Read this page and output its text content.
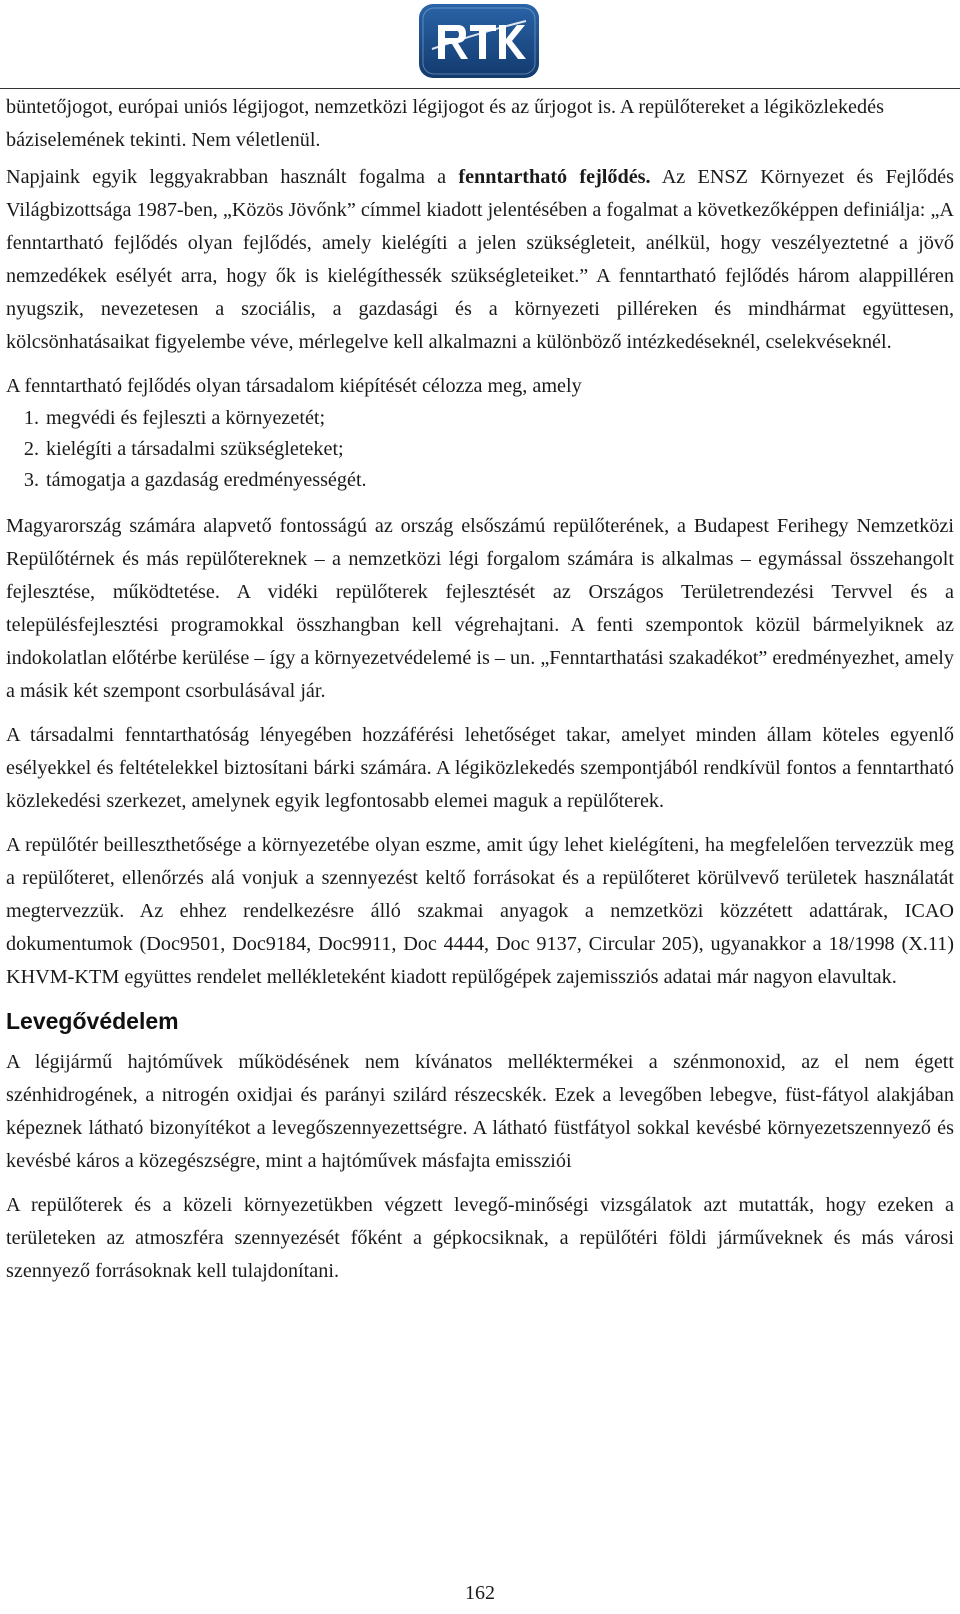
büntetőjogot, európai uniós légijogot, nemzetközi légijogot és az űrjogot is. A repülőtereket a légiközlekedés báziselemének tekinti. Nem véletlenül.

Napjaink egyik leggyakrabban használt fogalma a fenntartható fejlődés. Az ENSZ Környezet és Fejlődés Világbizottsága 1987-ben, „Közös Jövőnk” címmel kiadott jelentésében a fogalmat a következőképpen definiálja: „A fenntartható fejlődés olyan fejlődés, amely kielégíti a jelen szükségleteit, anélkül, hogy veszélyeztetné a jövő nemzedékek esélyét arra, hogy ők is kielégíthessék szükségleteiket.” A fenntartható fejlődés három alappilléren nyugszik, nevezetesen a szociális, a gazdasági és a környezeti pilléreken és mindhármat együttesen, kölcsönhatásaikat figyelembe véve, mérlegelve kell alkalmazni a különböző intézkedéseknél, cselekvéseknél.

A fenntartható fejlődés olyan társadalom kiépítését célozza meg, amely

1. megvédi és fejleszti a környezetét;
2. kielégíti a társadalmi szükségleteket;
3. támogatja a gazdaság eredményességét.

Magyarország számára alapvető fontosságú az ország elsőszámú repülőterének, a Budapest Ferihegy Nemzetközi Repülőtérnek és más repülőtereknek – a nemzetközi légi forgalom számára is alkalmas – egymással összehangolt fejlesztése, működtetése. A vidéki repülőterek fejlesztését az Országos Területrendezési Tervvel és a településfejlesztési programokkal összhangban kell végrehajtani. A fenti szempontok közül bármelyiknek az indokolatlan előtérbe kerülése – így a környezetvédelemé is – un. „Fenntarthatási szakadékot” eredményezhet, amely a másik két szempont csorbulásával jár.

A társadalmi fenntarthatóság lényegében hozzáférési lehetőséget takar, amelyet minden állam köteles egyenlő esélyekkel és feltételekkel biztosítani bárki számára. A légiközlekedés szempontjából rendkívül fontos a fenntartható közlekedési szerkezet, amelynek egyik legfontosabb elemei maguk a repülőterek.

A repülőtér beilleszthetősége a környezetébe olyan eszme, amit úgy lehet kielégíteni, ha megfelelően tervezzük meg a repülőteret, ellenőrzés alá vonjuk a szennyezést keltő forrásokat és a repülőteret körülvevő területek használatát megtervezzük. Az ehhez rendelkezésre álló szakmai anyagok a nemzetközi közzétett adattárak, ICAO dokumentumok (Doc9501, Doc9184, Doc9911, Doc 4444, Doc 9137, Circular 205), ugyanakkor a 18/1998 (X.11) KHVM-KTM együttes rendelet mellékleteként kiadott repülőgépek zajemissziós adatai már nagyon elavultak.

Levegővédelem

A légijármű hajtóművek működésének nem kívánatos melléktermékei a szénmonoxid, az el nem égett szénhidrogének, a nitrogén oxidjai és parányi szilárd részecskék. Ezek a levegőben lebegve, füst-fátyol alakjában képeznek látható bizonyítékot a levegőszennyezettségre. A látható füstfátyol sokkal kevésbé környezetszennyező és kevésbé káros a közegészségre, mint a hajtóművek másfajta emissziói

A repülőterek és a közeli környezetükben végzett levegő-minőségi vizsgálatok azt mutatták, hogy ezeken a területeken az atmoszféra szennyezését főként a gépkocsiknak, a repülőtéri földi járműveknek és más városi szennyező forrásoknak kell tulajdonítani.

162
